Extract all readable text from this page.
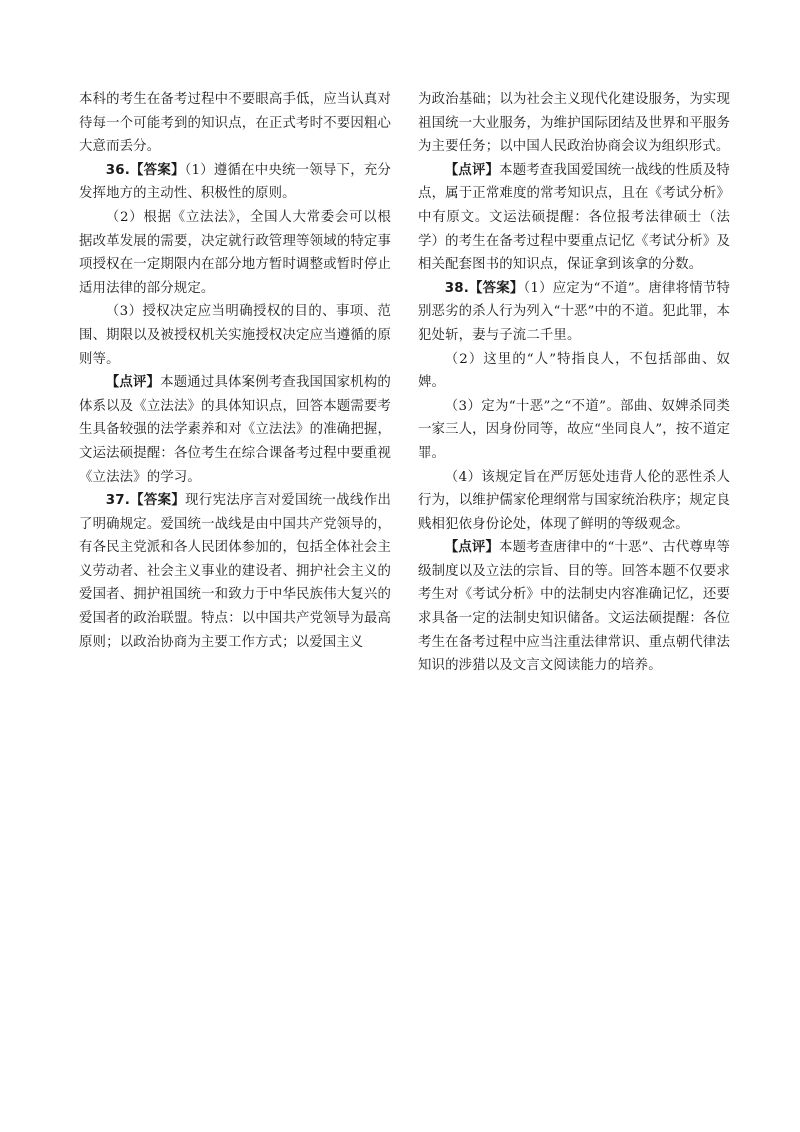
本科的考生在备考过程中不要眼高手低，应当认真对待每一个可能考到的知识点，在正式考时不要因粗心大意而丢分。

36.【答案】（1）遵循在中央统一领导下，充分发挥地方的主动性、积极性的原则。

（2）根据《立法法》，全国人大常委会可以根据改革发展的需要，决定就行政管理等领域的特定事项授权在一定期限内在部分地方暂时调整或暂时停止适用法律的部分规定。

（3）授权决定应当明确授权的目的、事项、范围、期限以及被授权机关实施授权决定应当遵循的原则等。

【点评】本题通过具体案例考查我国国家机构的体系以及《立法法》的具体知识点，回答本题需要考生具备较强的法学素养和对《立法法》的准确把握，文运法硕提醒：各位考生在综合课备考过程中要重视《立法法》的学习。

37.【答案】现行宪法序言对爱国统一战线作出了明确规定。爱国统一战线是由中国共产党领导的，有各民主党派和各人民团体参加的，包括全体社会主义劳动者、社会主义事业的建设者、拥护社会主义的爱国者、拥护祖国统一和致力于中华民族伟大复兴的爱国者的政治联盟。特点：以中国共产党领导为最高原则；以政治协商为主要工作方式；以爱国主义

为政治基础；以为社会主义现代化建设服务，为实现祖国统一大业服务，为维护国际团结及世界和平服务为主要任务；以中国人民政治协商会议为组织形式。

【点评】本题考查我国爱国统一战线的性质及特点，属于正常难度的常考知识点，且在《考试分析》中有原文。文运法硕提醒：各位报考法律硕士（法学）的考生在备考过程中要重点记忆《考试分析》及相关配套图书的知识点，保证拿到该拿的分数。

38.【答案】（1）应定为“不道”。唐律将情节特别恶劣的杀人行为列入“十恶”中的不道。犯此罪，本犯处斩，妻与子流二千里。

（2）这里的“人”特指良人，不包括部曲、奴婢。

（3）定为“十恶”之“不道”。部曲、奴婢杀同类一家三人，因身份同等，故应“坐同良人”，按不道定罪。

（4）该规定旨在严厉惩处违背人伦的恶性杀人行为，以维护儒家伦理纲常与国家统治秩序；规定良贱相犯依身份论处，体现了鲜明的等级观念。

【点评】本题考查唐律中的“十恶”、古代尊卑等级制度以及立法的宗旨、目的等。回答本题不仅要求考生对《考试分析》中的法制史内容准确记忆，还要求具备一定的法制史知识储备。文运法硕提醒：各位考生在备考过程中应当注重法律常识、重点朝代律法知识的涉猎以及文言文阅读能力的培养。
